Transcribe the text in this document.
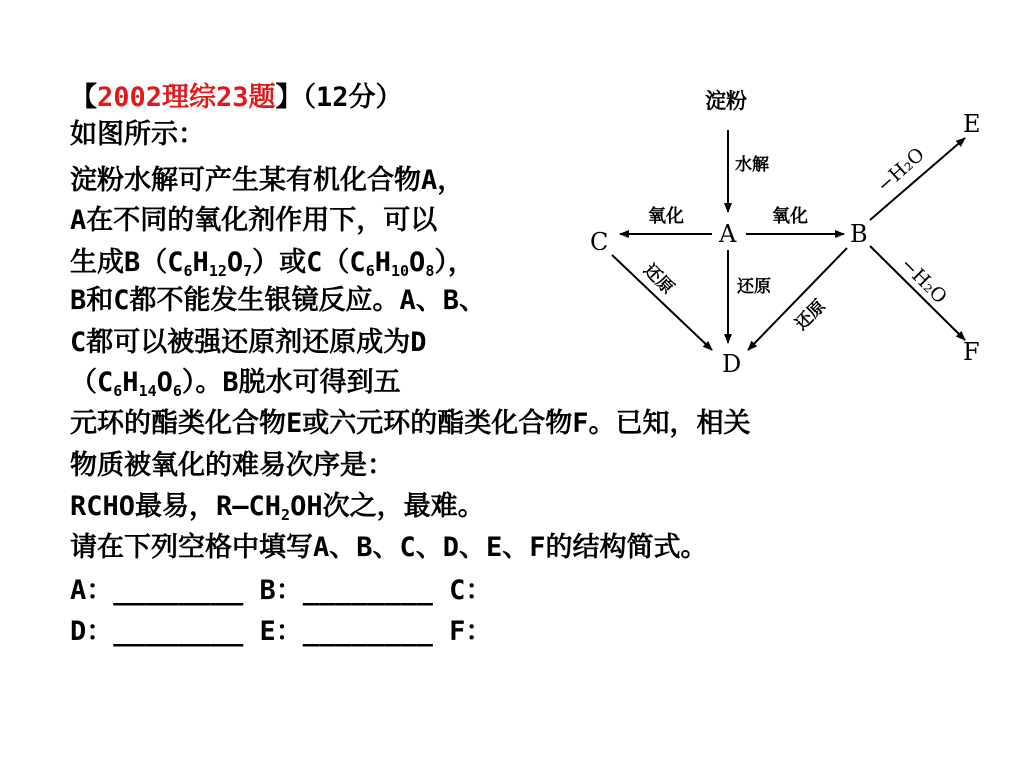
【2002理综23题】（12分）
如图所示：
淀粉水解可产生某有机化合物A，
A在不同的氧化剂作用下，可以
生成$B(C_6H_{12}O_7)$或$C(C_6H_{10}O_8)$，
B和C都不能发生银镜反应。A、B、
C都可以被强还原剂还原成为D
$(C_6H_{14}O_6)$。B脱水可得到五
元环的酯类化合物E或六元环的酯类化合物F。已知，相关
物质被氧化的难易次序是：
RCHO最易，$R—CH_2OH$次之，最难。
请在下列空格中填写A、B、C、D、E、F的结构简式。
A：________ B：________ C：
D：________ E：________ F：
淀粉
水解
氧化	氧化
A	B
C
D
E
F
还原
还原
还原
−H₂O
−H₂O
